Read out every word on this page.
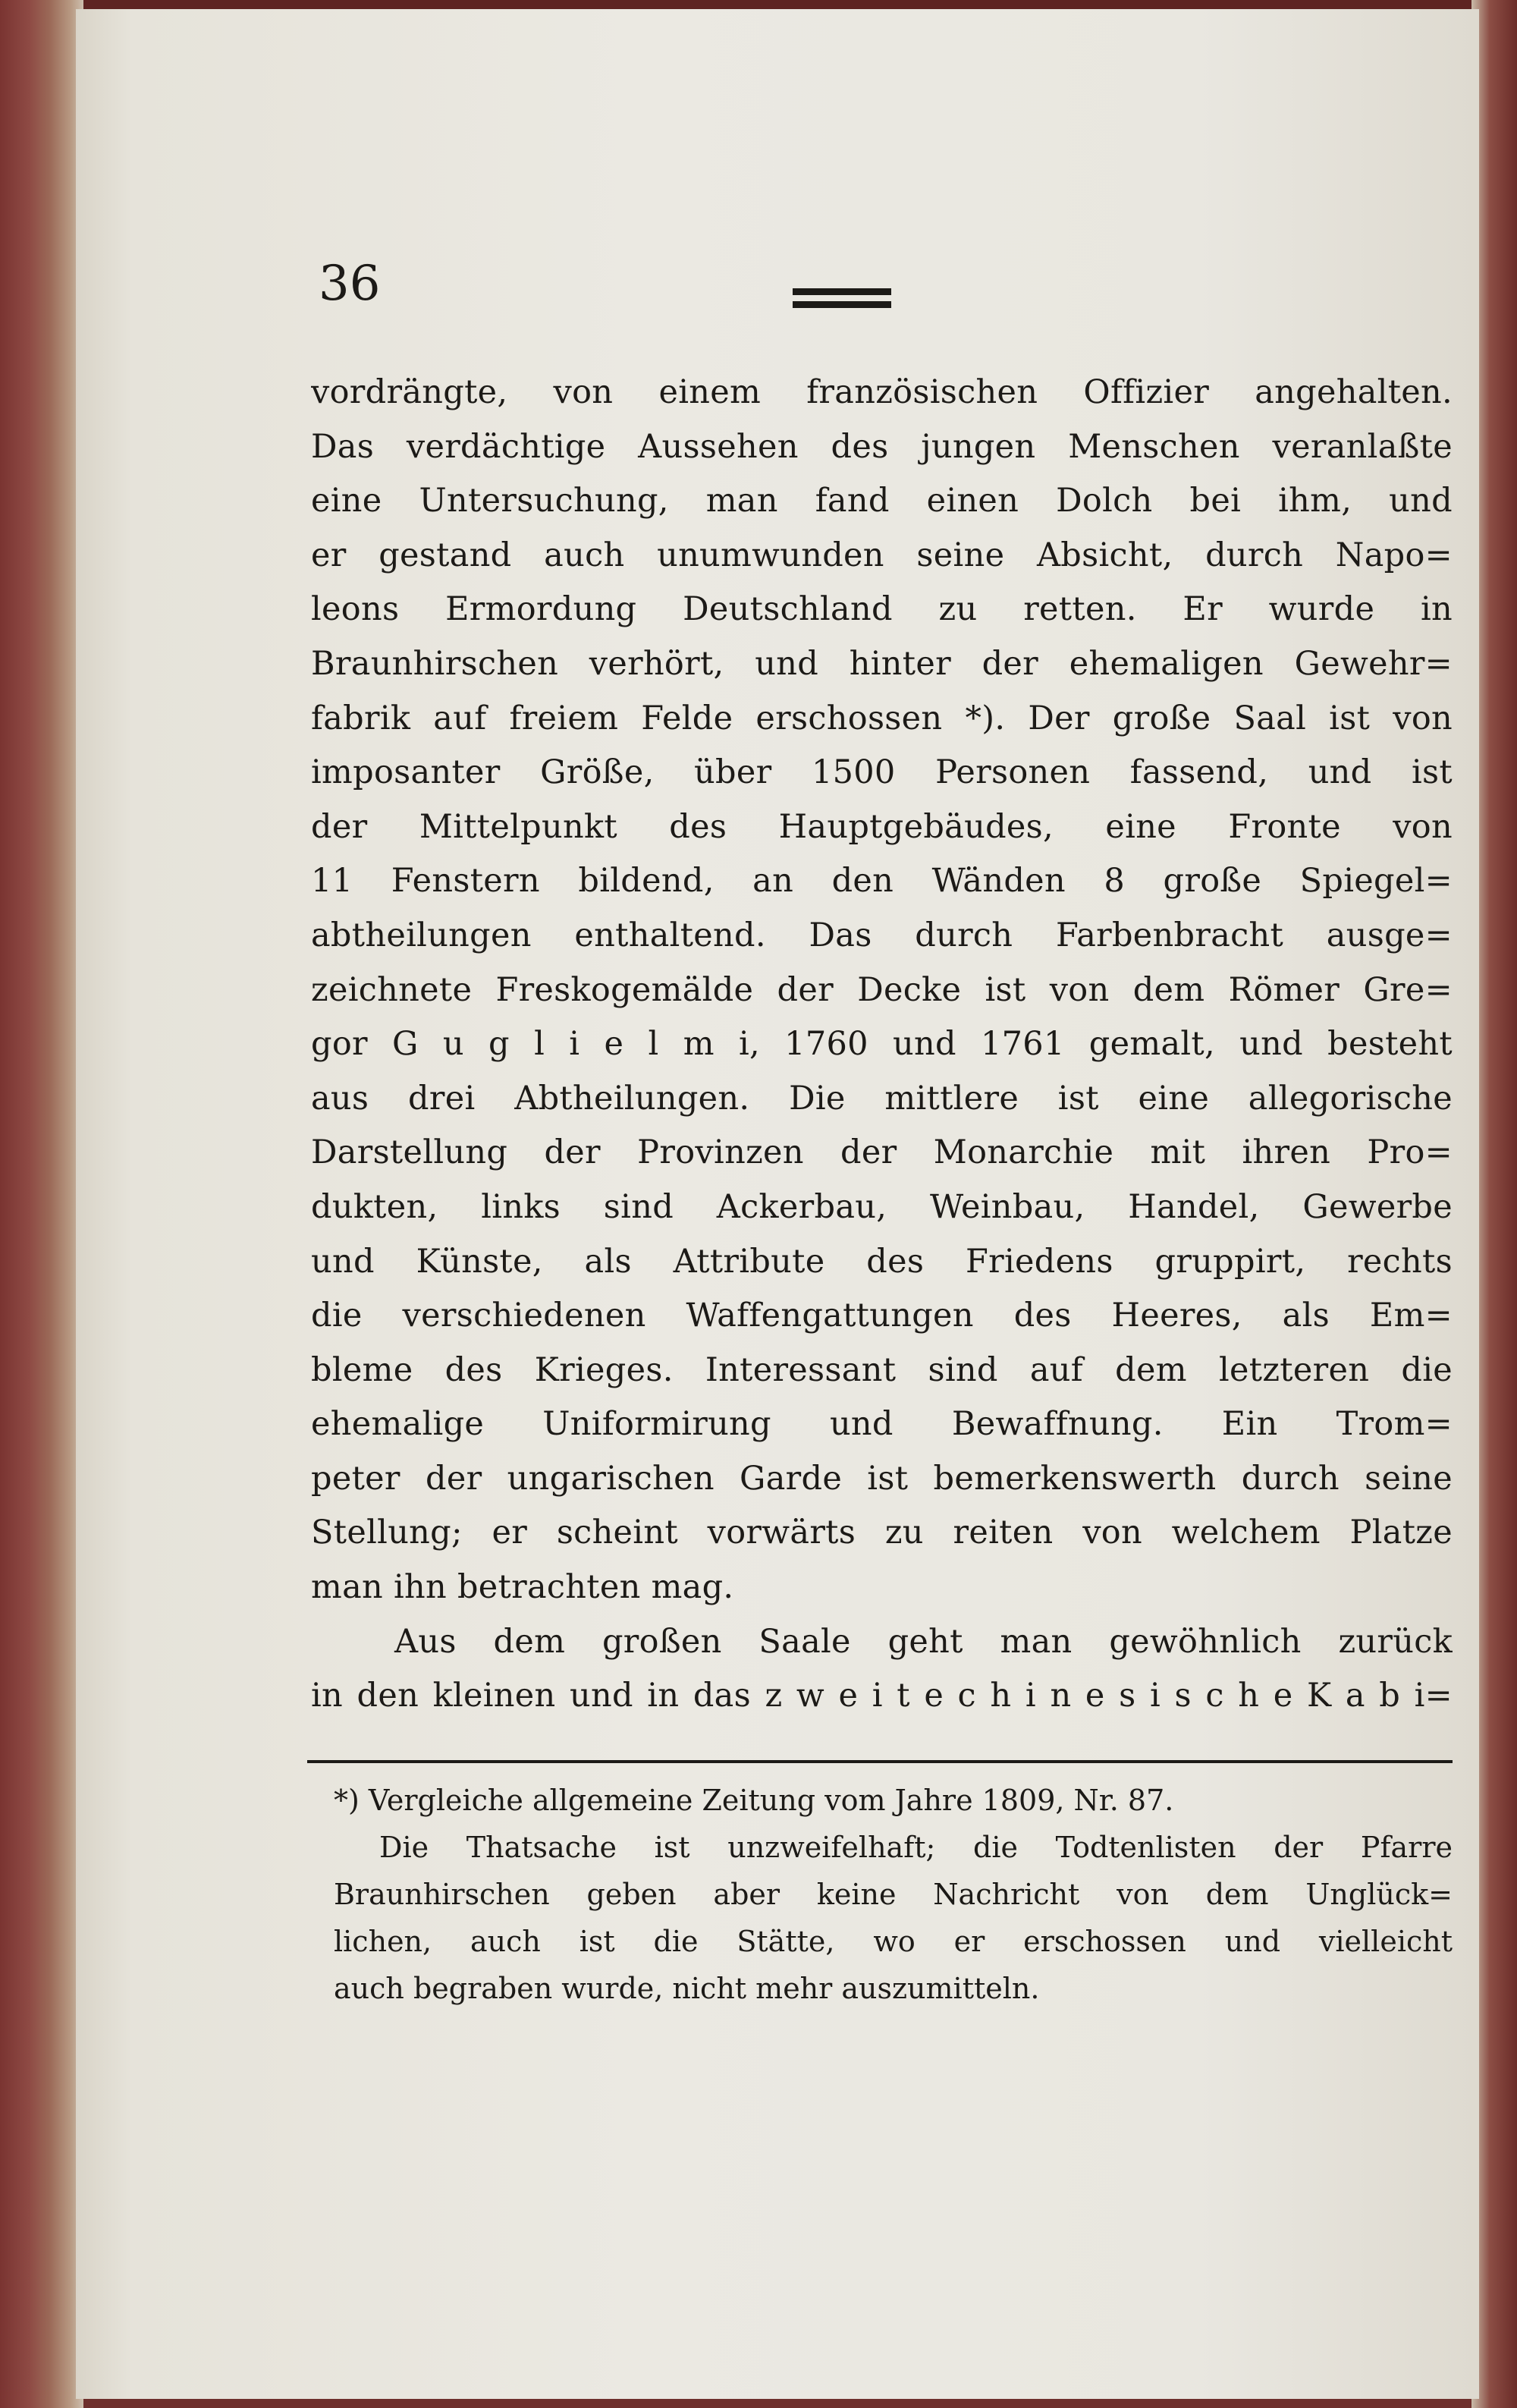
36
vordrängte, von einem französischen Offizier angehalten.
Das verdächtige Aussehen des jungen Menschen veranlaßte
eine Untersuchung, man fand einen Dolch bei ihm, und
er gestand auch unumwunden seine Absicht, durch Napo=
leons Ermordung Deutschland zu retten. Er wurde in
Braunhirschen verhört, und hinter der ehemaligen Gewehr=
fabrik auf freiem Felde erschossen *). Der große Saal ist von
imposanter Größe, über 1500 Personen fassend, und ist
der Mittelpunkt des Hauptgebäudes, eine Fronte von
11 Fenstern bildend, an den Wänden 8 große Spiegel=
abtheilungen enthaltend. Das durch Farbenbracht ausge=
zeichnete Freskogemälde der Decke ist von dem Römer Gre=
gor G u g l i e l m i, 1760 und 1761 gemalt, und besteht
aus drei Abtheilungen. Die mittlere ist eine allegorische
Darstellung der Provinzen der Monarchie mit ihren Pro=
dukten, links sind Ackerbau, Weinbau, Handel, Gewerbe
und Künste, als Attribute des Friedens gruppirt, rechts
die verschiedenen Waffengattungen des Heeres, als Em=
bleme des Krieges. Interessant sind auf dem letzteren die
ehemalige Uniformirung und Bewaffnung. Ein Trom=
peter der ungarischen Garde ist bemerkenswerth durch seine
Stellung; er scheint vorwärts zu reiten von welchem Platze
man ihn betrachten mag.
Aus dem großen Saale geht man gewöhnlich zurück
in den kleinen und in das z w e i t e c h i n e s i s c h e K a b i=
*) Vergleiche allgemeine Zeitung vom Jahre 1809, Nr. 87.
Die Thatsache ist unzweifelhaft; die Todtenlisten der Pfarre
Braunhirschen geben aber keine Nachricht von dem Unglück=
lichen, auch ist die Stätte, wo er erschossen und vielleicht
auch begraben wurde, nicht mehr auszumitteln.
